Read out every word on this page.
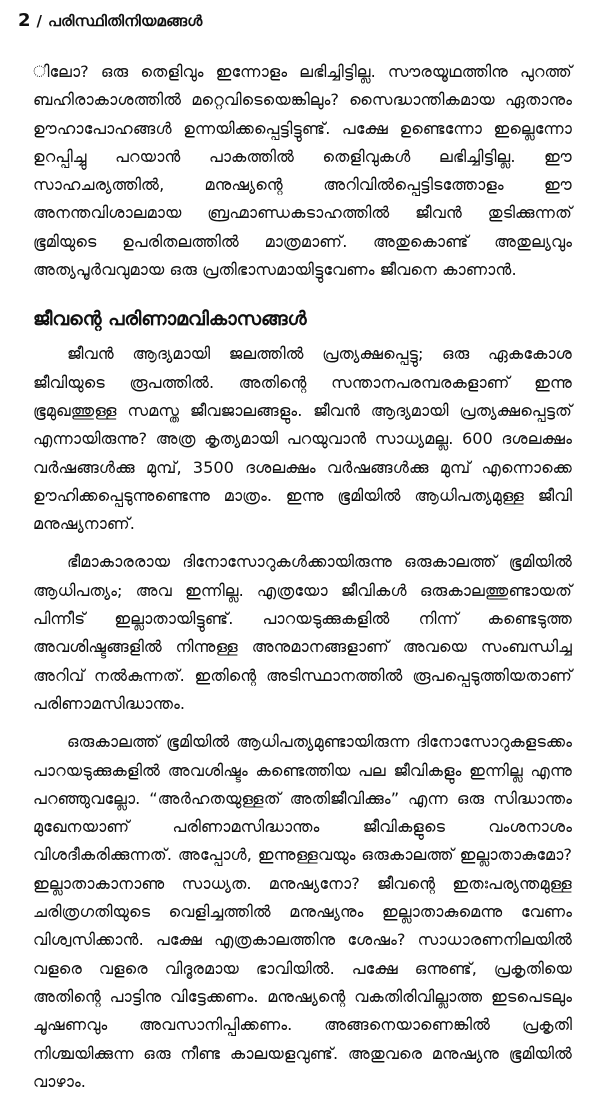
2 / പരിസ്ഥിതിനിയമങ്ങൾ

ിലോ? ഒരു തെളിവും ഇന്നോളം ലഭിച്ചിട്ടില്ല. സൗരയൂഥത്തിനു പുറത്ത് ബഹിരാകാശത്തിൽ മറ്റെവിടെയെങ്കിലും? സൈദ്ധാന്തികമായ ഏതാനും ഊഹാപോഹങ്ങൾ ഉന്നയിക്കപ്പെട്ടിട്ടുണ്ട്. പക്ഷേ ഉണ്ടെന്നോ ഇല്ലെന്നോ ഉറപ്പിച്ചു പറയാൻ പാകത്തിൽ തെളിവുകൾ ലഭിച്ചിട്ടില്ല. ഈ സാഹചര്യത്തിൽ, മനുഷ്യന്റെ അറിവിൽപ്പെട്ടിടത്തോളം ഈ അനന്തവിശാലമായ ബ്രഹ്മാണ്ഡകടാഹത്തിൽ ജീവൻ തുടിക്കുന്നത് ഭൂമിയുടെ ഉപരിതലത്തിൽ മാത്രമാണ്. അതുകൊണ്ട് അതുല്യവും അത്യപൂർവവുമായ ഒരു പ്രതിഭാസമായിട്ടുവേണം ജീവനെ കാണാൻ.

ജീവന്റെ പരിണാമവികാസങ്ങൾ

ജീവൻ ആദ്യമായി ജലത്തിൽ പ്രത്യക്ഷപ്പെട്ടു; ഒരു ഏകകോശ ജീവിയുടെ രൂപത്തിൽ. അതിന്റെ സന്താനപരമ്പരകളാണ് ഇന്നു ഭൂമുഖത്തുള്ള സമസ്ത ജീവജാലങ്ങളും. ജീവൻ ആദ്യമായി പ്രത്യക്ഷപ്പെട്ടത് എന്നായിരുന്നു? അത്ര കൃത്യമായി പറയുവാൻ സാധ്യമല്ല. 600 ദശലക്ഷം വർഷങ്ങൾക്കു മുമ്പ്, 3500 ദശലക്ഷം വർഷങ്ങൾക്കു മുമ്പ് എന്നൊക്കെ ഊഹിക്കപ്പെടുന്നുണ്ടെന്നു മാത്രം. ഇന്നു ഭൂമിയിൽ ആധിപത്യമുള്ള ജീവി മനുഷ്യനാണ്.

ഭീമാകാരരായ ദിനോസോറുകൾക്കായിരുന്നു ഒരുകാലത്ത് ഭൂമിയിൽ ആധിപത്യം; അവ ഇന്നില്ല. എത്രയോ ജീവികൾ ഒരുകാലത്തുണ്ടായത് പിന്നീട് ഇല്ലാതായിട്ടുണ്ട്. പാറയടുക്കുകളിൽ നിന്ന് കണ്ടെടുത്ത അവശിഷ്ടങ്ങളിൽ നിന്നുള്ള അനുമാനങ്ങളാണ് അവയെ സംബന്ധിച്ച അറിവ് നൽകുന്നത്. ഇതിന്റെ അടിസ്ഥാനത്തിൽ രൂപപ്പെടുത്തിയതാണ് പരിണാമസിദ്ധാന്തം.

ഒരുകാലത്ത് ഭൂമിയിൽ ആധിപത്യമുണ്ടായിരുന്ന ദിനോസോറുകളടക്കം പാറയടുക്കുകളിൽ അവശിഷ്ടം കണ്ടെത്തിയ പല ജീവികളും ഇന്നില്ല എന്നു പറഞ്ഞുവല്ലോ. “അർഹതയുള്ളത് അതിജീവിക്കും” എന്ന ഒരു സിദ്ധാന്തം മുഖേനയാണ് പരിണാമസിദ്ധാന്തം ജീവികളുടെ വംശനാശം വിശദീകരിക്കുന്നത്. അപ്പോൾ, ഇന്നുള്ളവയും ഒരുകാലത്ത് ഇല്ലാതാകുമോ? ഇല്ലാതാകാനാണു സാധ്യത. മനുഷ്യനോ? ജീവന്റെ ഇതഃപര്യന്തമുള്ള ചരിത്രഗതിയുടെ വെളിച്ചത്തിൽ മനുഷ്യനും ഇല്ലാതാകുമെന്നു വേണം വിശ്വസിക്കാൻ. പക്ഷേ എത്രകാലത്തിനു ശേഷം? സാധാരണനിലയിൽ വളരെ വളരെ വിദൂരമായ ഭാവിയിൽ. പക്ഷേ ഒന്നുണ്ട്, പ്രകൃതിയെ അതിന്റെ പാട്ടിനു വിട്ടേക്കണം. മനുഷ്യന്റെ വകതിരിവില്ലാത്ത ഇടപെടലും ചൂഷണവും അവസാനിപ്പിക്കണം. അങ്ങനെയാണെങ്കിൽ പ്രകൃതി നിശ്ചയിക്കുന്ന ഒരു നീണ്ട കാലയളവുണ്ട്. അതുവരെ മനുഷ്യനു ഭൂമിയിൽ വാഴാം.
